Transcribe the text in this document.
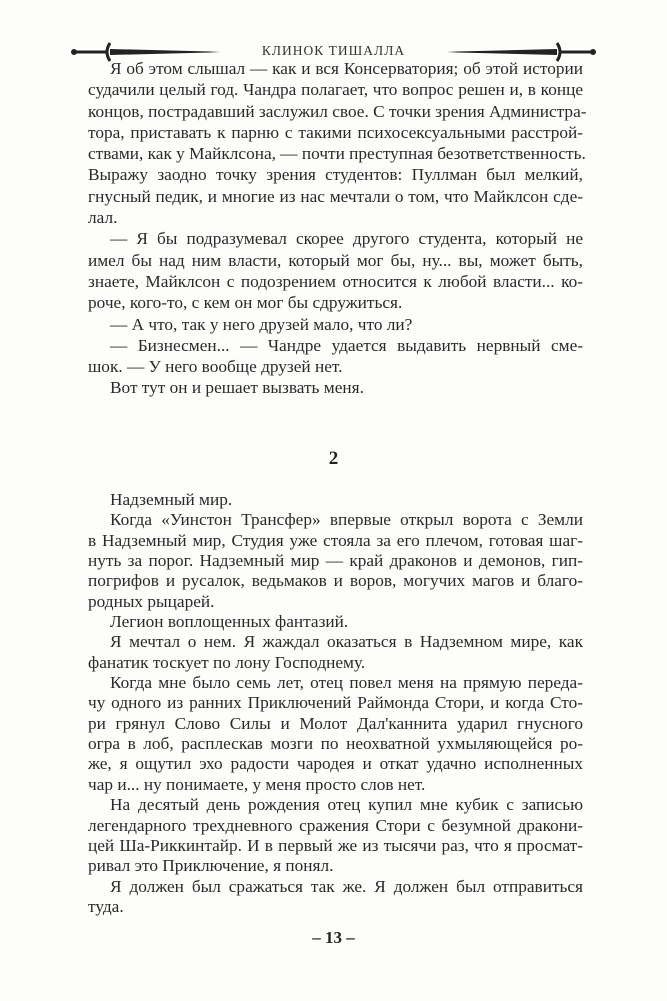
КЛИНОК ТИШАЛЛА
Я об этом слышал — как и вся Консерватория; об этой истории
судачили целый год. Чандра полагает, что вопрос решен и, в конце
концов, пострадавший заслужил свое. С точки зрения Администра-
тора, приставать к парню с такими психосексуальными расстрой-
ствами, как у Майклсона, — почти преступная безответственность.
Выражу заодно точку зрения студентов: Пуллман был мелкий,
гнусный педик, и многие из нас мечтали о том, что Майклсон сде-
лал.
— Я бы подразумевал скорее другого студента, который не
имел бы над ним власти, который мог бы, ну... вы, может быть,
знаете, Майклсон с подозрением относится к любой власти... ко-
роче, кого-то, с кем он мог бы сдружиться.
— А что, так у него друзей мало, что ли?
— Бизнесмен... — Чандре удается выдавить нервный сме-
шок. — У него вообще друзей нет.
Вот тут он и решает вызвать меня.
2
Надземный мир.
Когда «Уинстон Трансфер» впервые открыл ворота с Земли
в Надземный мир, Студия уже стояла за его плечом, готовая шаг-
нуть за порог. Надземный мир — край драконов и демонов, гип-
погрифов и русалок, ведьмаков и воров, могучих магов и благо-
родных рыцарей.
Легион воплощенных фантазий.
Я мечтал о нем. Я жаждал оказаться в Надземном мире, как
фанатик тоскует по лону Господнему.
Когда мне было семь лет, отец повел меня на прямую переда-
чу одного из ранних Приключений Раймонда Стори, и когда Сто-
ри грянул Слово Силы и Молот Дал'каннита ударил гнусного
огра в лоб, расплескав мозги по неохватной ухмыляющейся ро-
же, я ощутил эхо радости чародея и откат удачно исполненных
чар и... ну понимаете, у меня просто слов нет.
На десятый день рождения отец купил мне кубик с записью
легендарного трехдневного сражения Стори с безумной дракони-
цей Ша-Риккинтайр. И в первый же из тысячи раз, что я просмат-
ривал это Приключение, я понял.
Я должен был сражаться так же. Я должен был отправиться
туда.
– 13 –
